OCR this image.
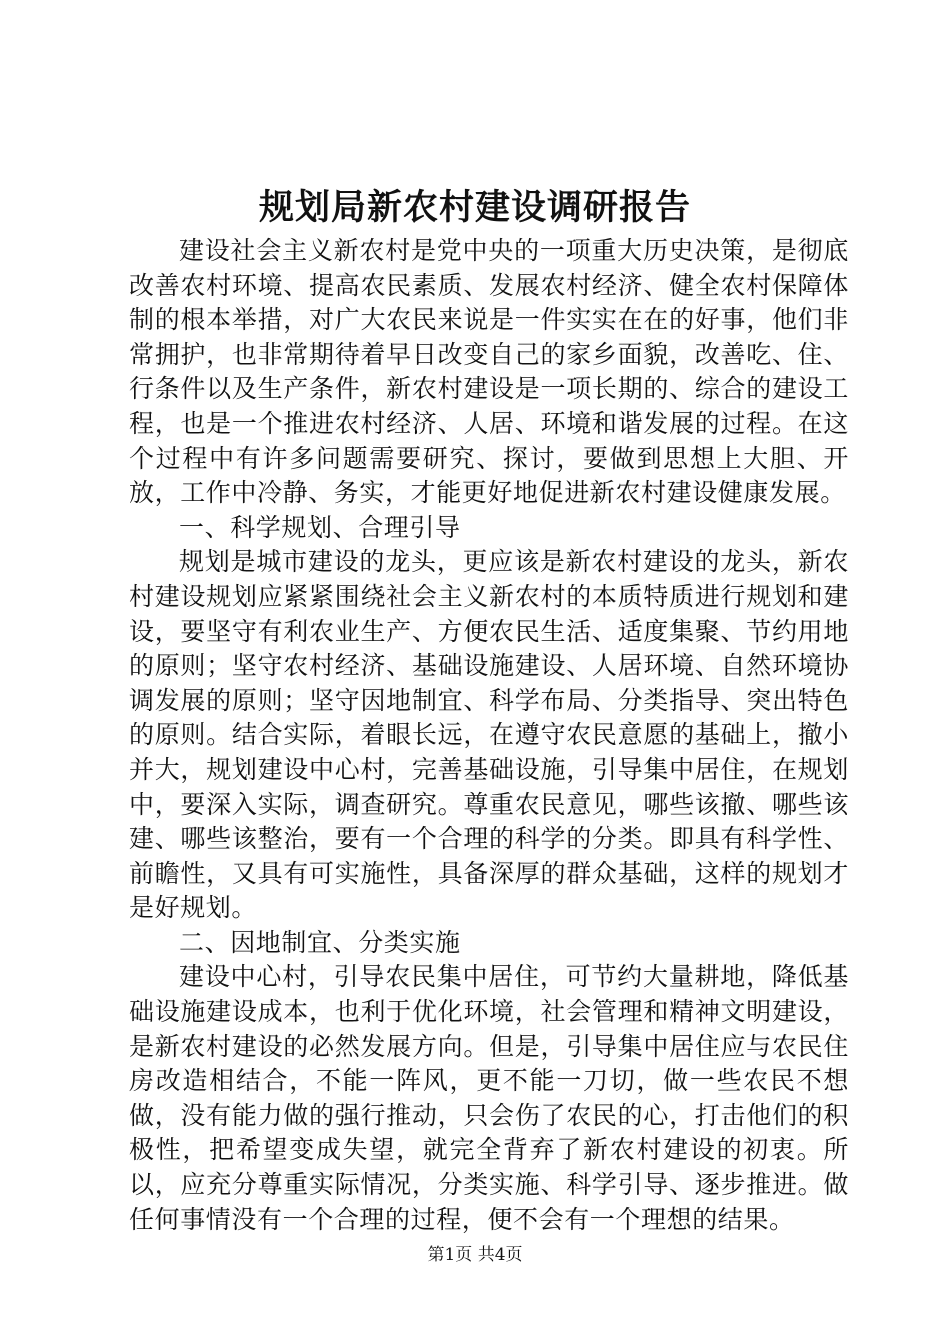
规划局新农村建设调研报告

建设社会主义新农村是党中央的一项重大历史决策，是彻底改善农村环境、提高农民素质、发展农村经济、健全农村保障体制的根本举措，对广大农民来说是一件实实在在的好事，他们非常拥护，也非常期待着早日改变自己的家乡面貌，改善吃、住、行条件以及生产条件，新农村建设是一项长期的、综合的建设工程，也是一个推进农村经济、人居、环境和谐发展的过程。在这个过程中有许多问题需要研究、探讨，要做到思想上大胆、开放，工作中冷静、务实，才能更好地促进新农村建设健康发展。

一、科学规划、合理引导

规划是城市建设的龙头，更应该是新农村建设的龙头，新农村建设规划应紧紧围绕社会主义新农村的本质特质进行规划和建设，要坚守有利农业生产、方便农民生活、适度集聚、节约用地的原则；坚守农村经济、基础设施建设、人居环境、自然环境协调发展的原则；坚守因地制宜、科学布局、分类指导、突出特色的原则。结合实际，着眼长远，在遵守农民意愿的基础上，撤小并大，规划建设中心村，完善基础设施，引导集中居住，在规划中，要深入实际，调查研究。尊重农民意见，哪些该撤、哪些该建、哪些该整治，要有一个合理的科学的分类。即具有科学性、前瞻性，又具有可实施性，具备深厚的群众基础，这样的规划才是好规划。

二、因地制宜、分类实施

建设中心村，引导农民集中居住，可节约大量耕地，降低基础设施建设成本，也利于优化环境，社会管理和精神文明建设，是新农村建设的必然发展方向。但是，引导集中居住应与农民住房改造相结合，不能一阵风，更不能一刀切，做一些农民不想做，没有能力做的强行推动，只会伤了农民的心，打击他们的积极性，把希望变成失望，就完全背弃了新农村建设的初衷。所以，应充分尊重实际情况，分类实施、科学引导、逐步推进。做任何事情没有一个合理的过程，便不会有一个理想的结果。

第1页 共4页
